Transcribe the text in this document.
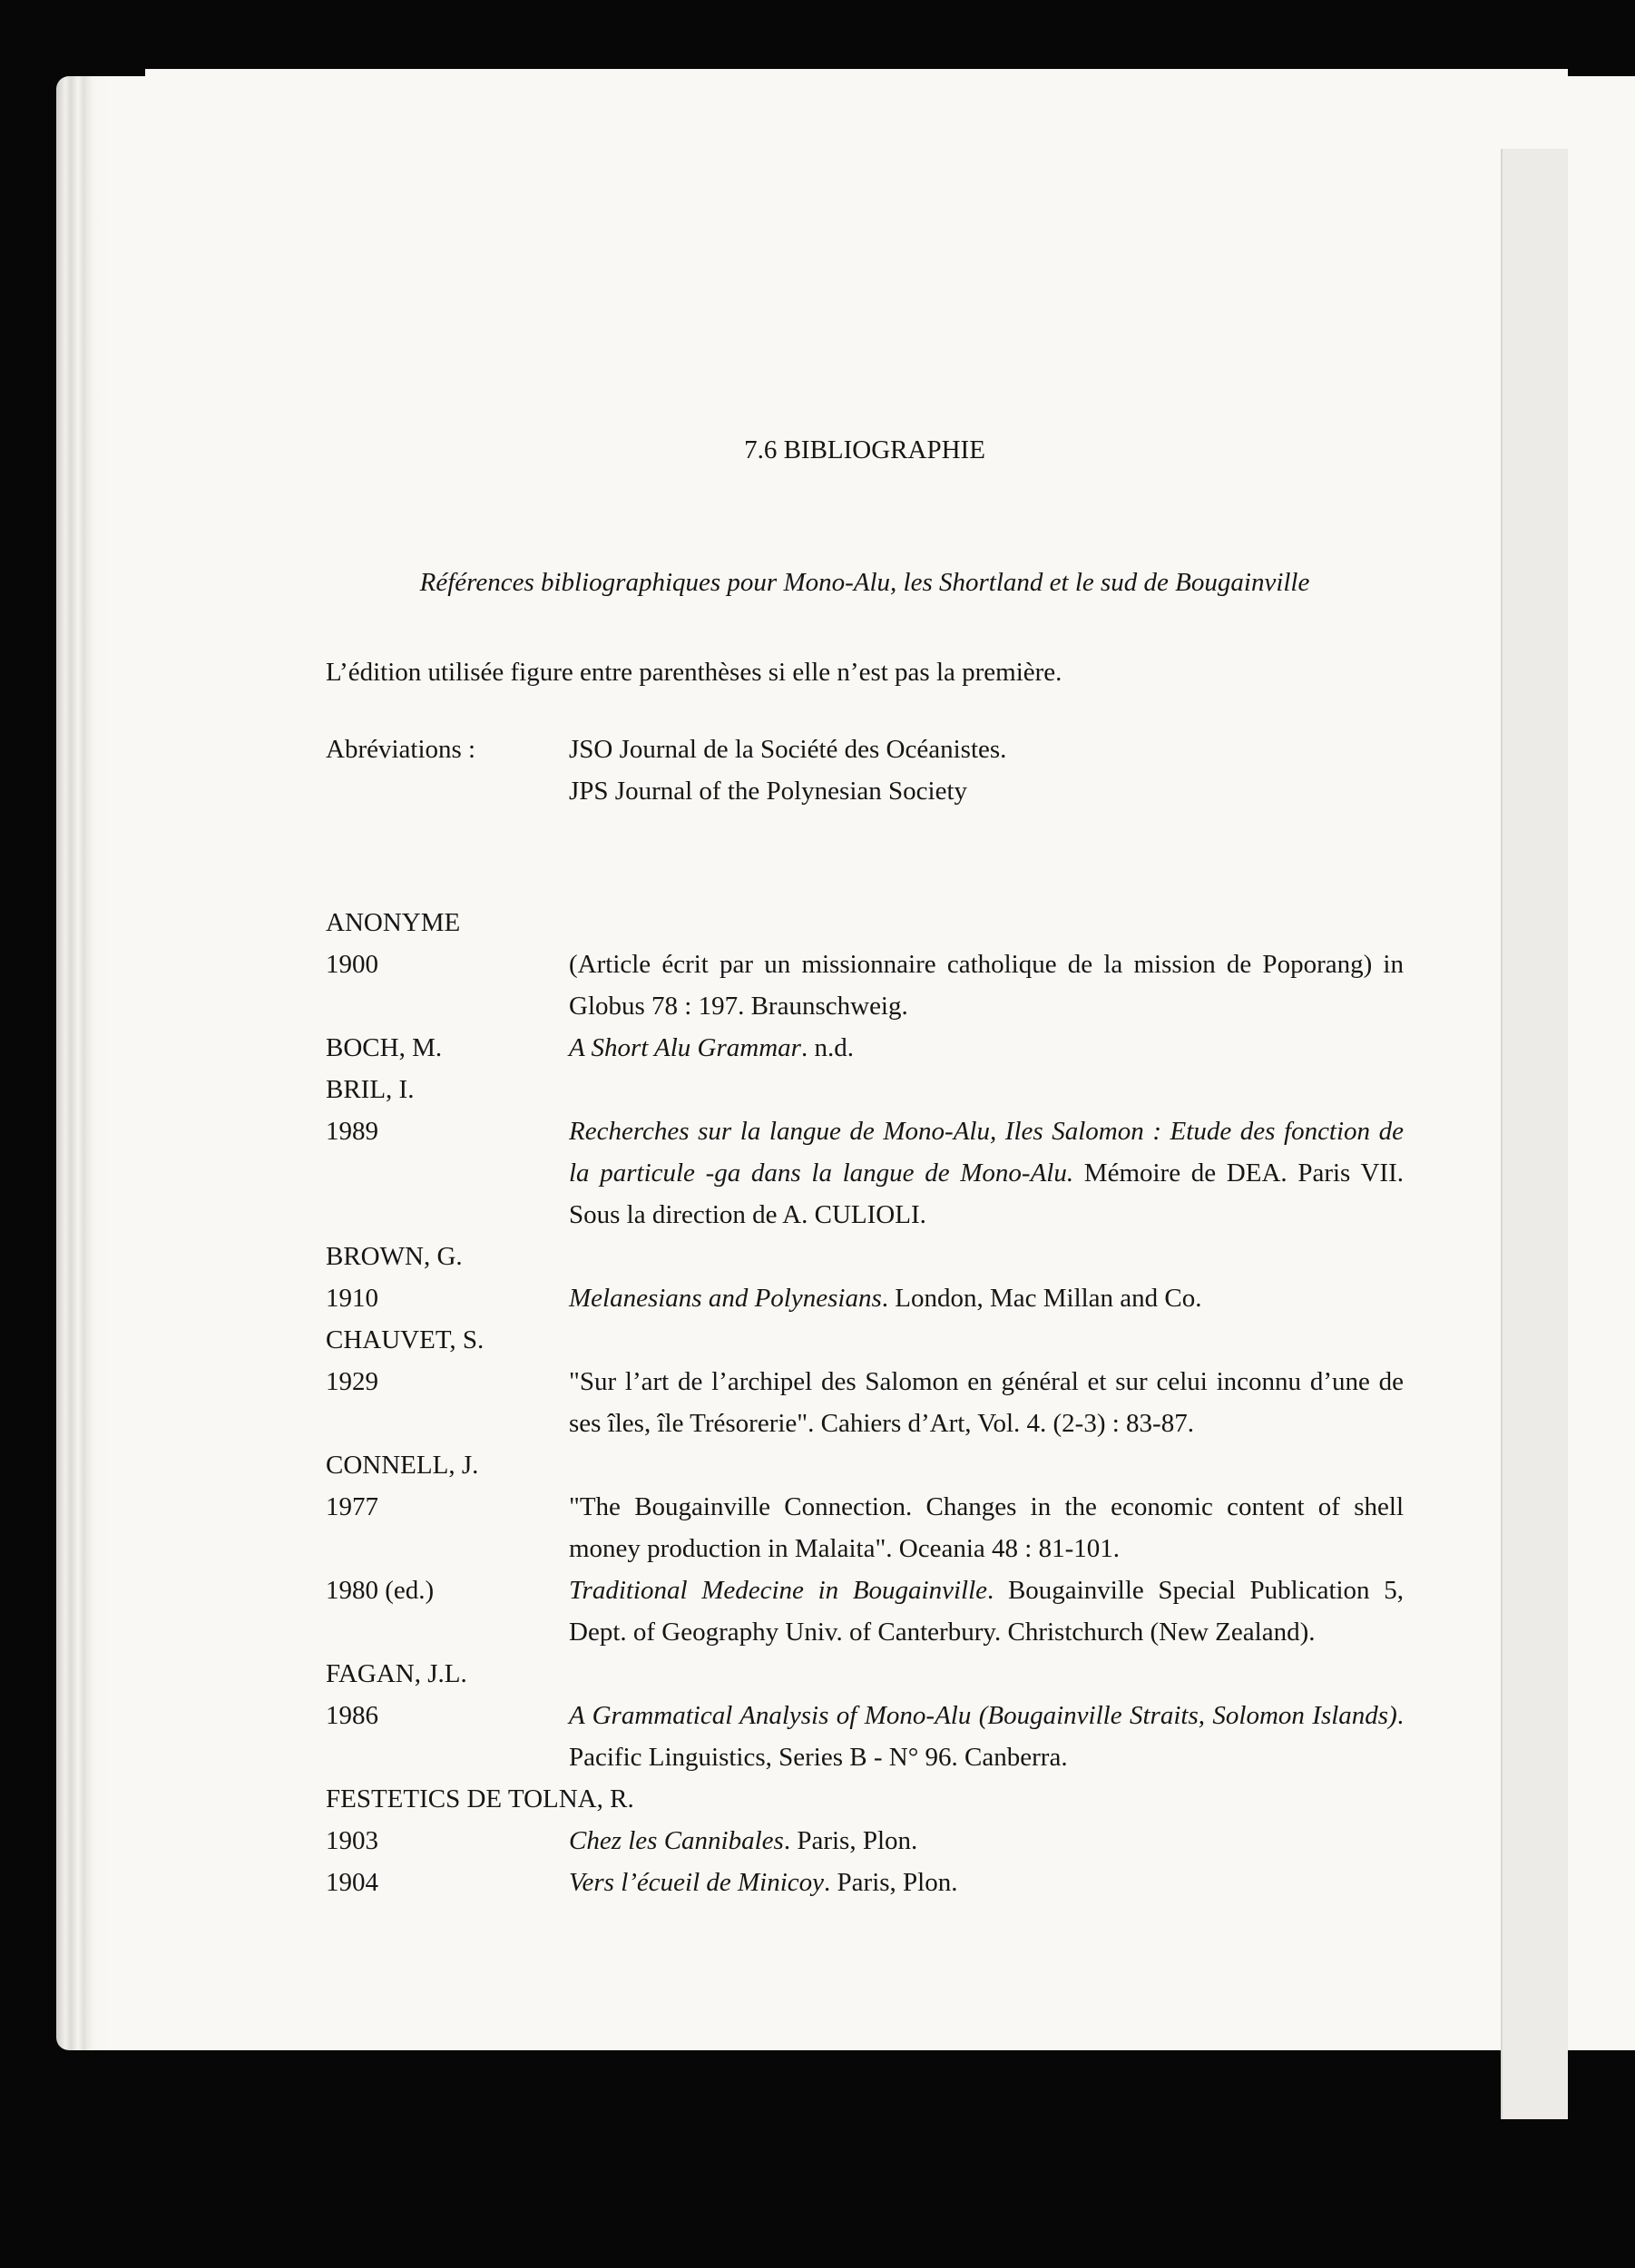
7.6 BIBLIOGRAPHIE
Références bibliographiques pour Mono-Alu, les Shortland et le sud de Bougainville
L’édition utilisée figure entre parenthèses si elle n’est pas la première.
Abréviations :	JSO Journal de la Société des Océanistes.
JPS Journal of the Polynesian Society
ANONYME
1900	(Article écrit par un missionnaire catholique de la mission de Poporang) in Globus 78 : 197. Braunschweig.
BOCH, M.	A Short Alu Grammar. n.d.
BRIL, I.
1989	Recherches sur la langue de Mono-Alu, Iles Salomon : Etude des fonction de la particule -ga dans la langue de Mono-Alu. Mémoire de DEA. Paris VII. Sous la direction de A. CULIOLI.
BROWN, G.
1910	Melanesians and Polynesians. London, Mac Millan and Co.
CHAUVET, S.
1929	"Sur l’art de l’archipel des Salomon en général et sur celui inconnu d’une de ses îles, île Trésorerie". Cahiers d’Art, Vol. 4. (2-3) : 83-87.
CONNELL, J.
1977	"The Bougainville Connection. Changes in the economic content of shell money production in Malaita". Oceania 48 : 81-101.
1980 (ed.)	Traditional Medecine in Bougainville. Bougainville Special Publication 5, Dept. of Geography Univ. of Canterbury. Christchurch (New Zealand).
FAGAN, J.L.
1986	A Grammatical Analysis of Mono-Alu (Bougainville Straits, Solomon Islands). Pacific Linguistics, Series B - N° 96. Canberra.
FESTETICS DE TOLNA, R.
1903	Chez les Cannibales. Paris, Plon.
1904	Vers l’écueil de Minicoy. Paris, Plon.
